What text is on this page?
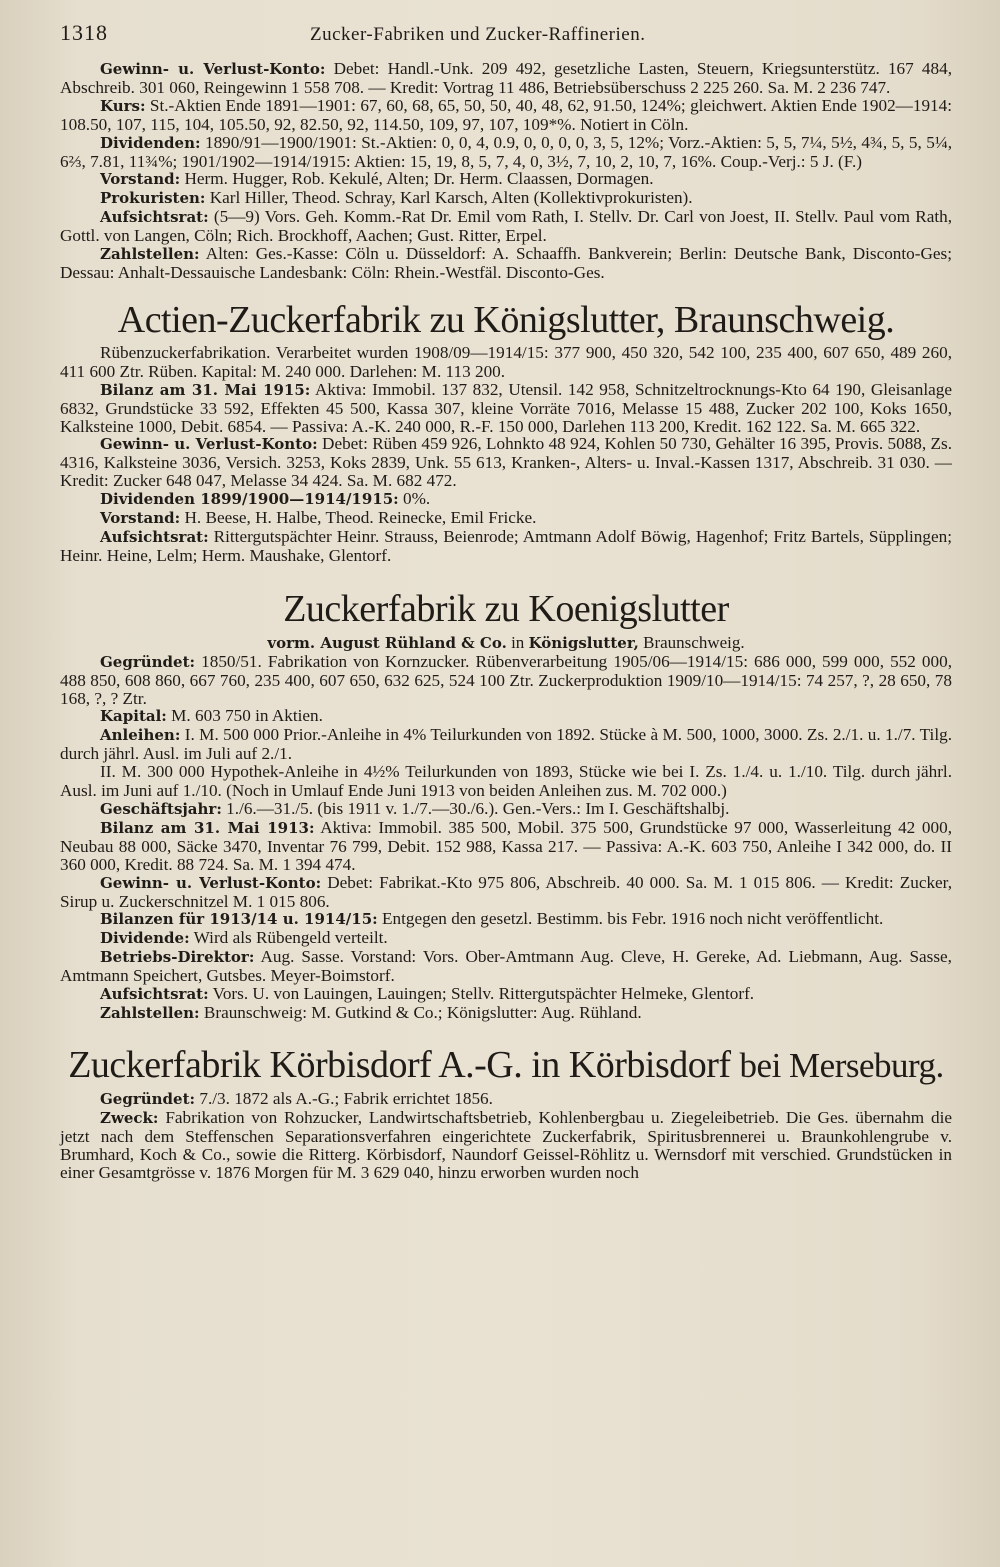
1318	Zucker-Fabriken und Zucker-Raffinerien.

Gewinn- u. Verlust-Konto: Debet: Handl.-Unk. 209 492, gesetzliche Lasten, Steuern, Kriegsunterstütz. 167 484, Abschreib. 301 060, Reingewinn 1 558 708. — Kredit: Vortrag 11 486, Betriebsüberschuss 2 225 260. Sa. M. 2 236 747.

Kurs: St.-Aktien Ende 1891—1901: 67, 60, 68, 65, 50, 50, 40, 48, 62, 91.50, 124%; gleichwert. Aktien Ende 1902—1914: 108.50, 107, 115, 104, 105.50, 92, 82.50, 92, 114.50, 109, 97, 107, 109*%. Notiert in Cöln.

Dividenden: 1890/91—1900/1901: St.-Aktien: 0, 0, 4, 0.9, 0, 0, 0, 0, 3, 5, 12%; Vorz.-Aktien: 5, 5, 7¼, 5½, 4¾, 5, 5, 5¼, 6⅔, 7.81, 11¾%; 1901/1902—1914/1915: Aktien: 15, 19, 8, 5, 7, 4, 0, 3½, 7, 10, 2, 10, 7, 16%. Coup.-Verj.: 5 J. (F.)

Vorstand: Herm. Hugger, Rob. Kekulé, Alten; Dr. Herm. Claassen, Dormagen.

Prokuristen: Karl Hiller, Theod. Schray, Karl Karsch, Alten (Kollektivprokuristen).

Aufsichtsrat: (5—9) Vors. Geh. Komm.-Rat Dr. Emil vom Rath, I. Stellv. Dr. Carl von Joest, II. Stellv. Paul vom Rath, Gottl. von Langen, Cöln; Rich. Brockhoff, Aachen; Gust. Ritter, Erpel.

Zahlstellen: Alten: Ges.-Kasse: Cöln u. Düsseldorf: A. Schaaffh. Bankverein; Berlin: Deutsche Bank, Disconto-Ges; Dessau: Anhalt-Dessauische Landesbank: Cöln: Rhein.-Westfäl. Disconto-Ges.

Actien-Zuckerfabrik zu Königslutter, Braunschweig.

Rübenzuckerfabrikation. Verarbeitet wurden 1908/09—1914/15: 377 900, 450 320, 542 100, 235 400, 607 650, 489 260, 411 600 Ztr. Rüben. Kapital: M. 240 000. Darlehen: M. 113 200.

Bilanz am 31. Mai 1915: Aktiva: Immobil. 137 832, Utensil. 142 958, Schnitzeltrocknungs-Kto 64 190, Gleisanlage 6832, Grundstücke 33 592, Effekten 45 500, Kassa 307, kleine Vorräte 7016, Melasse 15 488, Zucker 202 100, Koks 1650, Kalksteine 1000, Debit. 6854. — Passiva: A.-K. 240 000, R.-F. 150 000, Darlehen 113 200, Kredit. 162 122. Sa. M. 665 322.

Gewinn- u. Verlust-Konto: Debet: Rüben 459 926, Lohnkto 48 924, Kohlen 50 730, Gehälter 16 395, Provis. 5088, Zs. 4316, Kalksteine 3036, Versich. 3253, Koks 2839, Unk. 55 613, Kranken-, Alters- u. Inval.-Kassen 1317, Abschreib. 31 030. — Kredit: Zucker 648 047, Melasse 34 424. Sa. M. 682 472.

Dividenden 1899/1900—1914/1915: 0%.

Vorstand: H. Beese, H. Halbe, Theod. Reinecke, Emil Fricke.

Aufsichtsrat: Rittergutspächter Heinr. Strauss, Beienrode; Amtmann Adolf Böwig, Hagenhof; Fritz Bartels, Süpplingen; Heinr. Heine, Lelm; Herm. Maushake, Glentorf.

Zuckerfabrik zu Koenigslutter
vorm. August Rühland & Co. in Königslutter, Braunschweig.

Gegründet: 1850/51. Fabrikation von Kornzucker. Rübenverarbeitung 1905/06—1914/15: 686 000, 599 000, 552 000, 488 850, 608 860, 667 760, 235 400, 607 650, 632 625, 524 100 Ztr. Zuckerproduktion 1909/10—1914/15: 74 257, ?, 28 650, 78 168, ?, ? Ztr.

Kapital: M. 603 750 in Aktien.

Anleihen: I. M. 500 000 Prior.-Anleihe in 4% Teilurkunden von 1892. Stücke à M. 500, 1000, 3000. Zs. 2./1. u. 1./7. Tilg. durch jährl. Ausl. im Juli auf 2./1.

II. M. 300 000 Hypothek-Anleihe in 4½% Teilurkunden von 1893, Stücke wie bei I. Zs. 1./4. u. 1./10. Tilg. durch jährl. Ausl. im Juni auf 1./10. (Noch in Umlauf Ende Juni 1913 von beiden Anleihen zus. M. 702 000.)

Geschäftsjahr: 1./6.—31./5. (bis 1911 v. 1./7.—30./6.). Gen.-Vers.: Im I. Geschäftshalbj.

Bilanz am 31. Mai 1913: Aktiva: Immobil. 385 500, Mobil. 375 500, Grundstücke 97 000, Wasserleitung 42 000, Neubau 88 000, Säcke 3470, Inventar 76 799, Debit. 152 988, Kassa 217. — Passiva: A.-K. 603 750, Anleihe I 342 000, do. II 360 000, Kredit. 88 724. Sa. M. 1 394 474.

Gewinn- u. Verlust-Konto: Debet: Fabrikat.-Kto 975 806, Abschreib. 40 000. Sa. M. 1 015 806. — Kredit: Zucker, Sirup u. Zuckerschnitzel M. 1 015 806.

Bilanzen für 1913/14 u. 1914/15: Entgegen den gesetzl. Bestimm. bis Febr. 1916 noch nicht veröffentlicht.

Dividende: Wird als Rübengeld verteilt.

Betriebs-Direktor: Aug. Sasse. Vorstand: Vors. Ober-Amtmann Aug. Cleve, H. Gereke, Ad. Liebmann, Aug. Sasse, Amtmann Speichert, Gutsbes. Meyer-Boimstorf.

Aufsichtsrat: Vors. U. von Lauingen, Lauingen; Stellv. Rittergutspächter Helmeke, Glentorf.

Zahlstellen: Braunschweig: M. Gutkind & Co.; Königslutter: Aug. Rühland.

Zuckerfabrik Körbisdorf A.-G. in Körbisdorf bei Merseburg.

Gegründet: 7./3. 1872 als A.-G.; Fabrik errichtet 1856.

Zweck: Fabrikation von Rohzucker, Landwirtschaftsbetrieb, Kohlenbergbau u. Ziegeleibetrieb. Die Ges. übernahm die jetzt nach dem Steffenschen Separationsverfahren eingerichtete Zuckerfabrik, Spiritusbrennerei u. Braunkohlengrube v. Brumhard, Koch & Co., sowie die Ritterg. Körbisdorf, Naundorf Geissel-Röhlitz u. Wernsdorf mit verschied. Grundstücken in einer Gesamtgrösse v. 1876 Morgen für M. 3 629 040, hinzu erworben wurden noch
